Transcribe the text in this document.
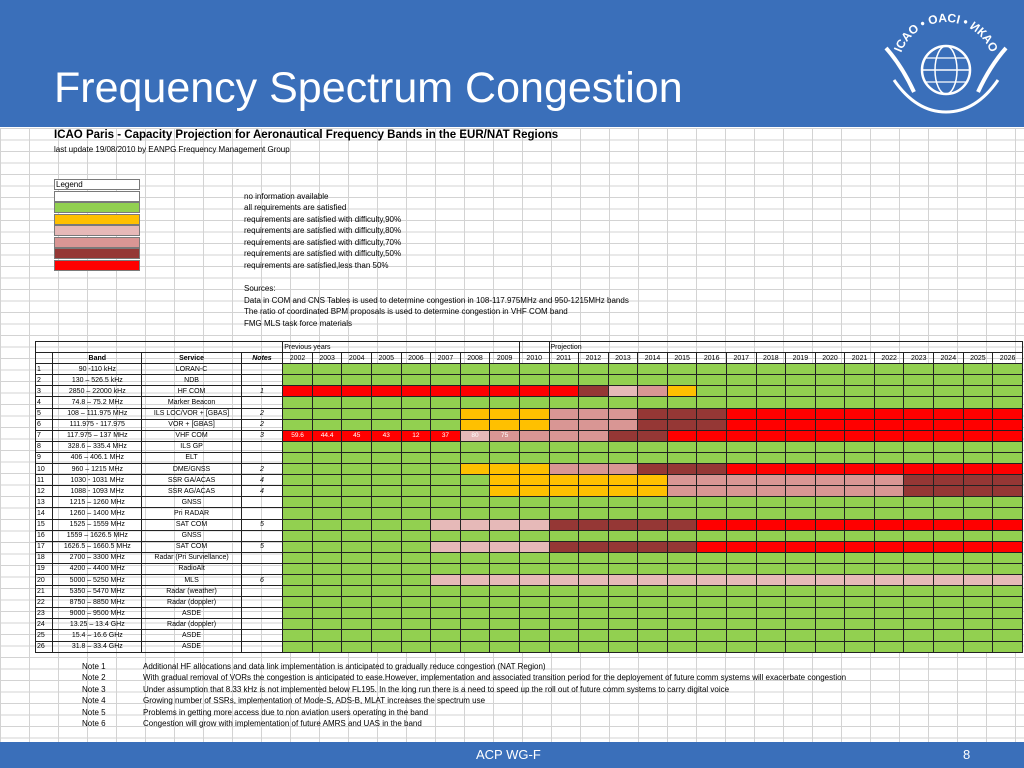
Frequency Spectrum Congestion
ICAO • OACI • ИКАО
ICAO Paris - Capacity Projection for Aeronautical Frequency Bands in the EUR/NAT Regions
last update 19/08/2010 by EANPG Frequency Management Group
Legend
no information available
all requirements are satisfied
requirements are satisfied with difficulty,90%
requirements are satisfied with difficulty,80%
requirements are satisfied with difficulty,70%
requirements are satisfied with difficulty,50%
requirements are satisfied,less than 50%
Sources:
Data in COM and CNS Tables is used to determine congestion in 108-117.975MHz and 950-1215MHz bands
The ratio of coordinated BPM proposals is used to determine congestion in VHF COM band
FMG MLS task force materials
				Previous years									Projection															
	Band	Service	Notes	2002	2003	2004	2005	2006	2007	2008	2009	2010	2011	2012	2013	2014	2015	2016	2017	2018	2019	2020	2021	2022	2023	2024	2025	2026
1	90 -110 kHz	LORAN-C																										
2	130 – 526.5 kHz	NDB																										
3	2850 – 22000 kHz	HF COM	1																									
4	74.8 – 75.2 MHz	Marker Beacon																										
5	108 – 111.975 MHz	ILS LOC/VOR + [GBAS]	2																									
6	111.975 - 117.975	VOR + [GBAS]	2																									
7	117.975 – 137 MHz	VHF COM	3	59.6	44.4	45	43	12	37	80	75																	
8	328.6 – 335.4 MHz	ILS GP																										
9	406 – 406.1 MHz	ELT																										
10	960 – 1215 MHz	DME/GNSS	2																									
11	1030 - 1031 MHz	SSR GA/ACAS	4																									
12	1088 - 1093 MHz	SSR AG/ACAS	4																									
13	1215 – 1260 MHz	GNSS																										
14	1260 – 1400 MHz	Pri RADAR																										
15	1525 – 1559 MHz	SAT COM	5																									
16	1559 – 1626.5 MHz	GNSS																										
17	1626.5 – 1660.5 MHz	SAT COM	5																									
18	2700 – 3300 MHz	Radar (Pri Surviellance)																										
19	4200 – 4400 MHz	RadioAlt																										
20	5000 – 5250 MHz	MLS	6																									
21	5350 – 5470 MHz	Radar (weather)																										
22	8750 – 8850 MHz	Radar (doppler)																										
23	9000 – 9500 MHz	ASDE																										
24	13.25 – 13.4 GHz	Radar (doppler)																										
25	15.4 – 16.6 GHz	ASDE																										
26	31.8 – 33.4 GHz	ASDE																										
Note 1	Additional HF allocations and data link implementation is anticipated to gradually reduce congestion (NAT Region)
Note 2	With gradual removal of VORs the congestion is anticipated to ease.However, implementation and associated transition period for the deployement of future comm systems will exacerbate congestion
Note 3	Under assumption that 8.33 kHz is not implemented below FL195. In the long run there is a need to speed up the roll out of future comm systems to carry digital voice
Note 4	Growing number of SSRs, implementation of Mode-S, ADS-B, MLAT increases the spectrum use
Note 5	Problems in getting more access due to non aviation users operating in the band
Note 6	Congestion will grow with implementation of future AMRS and UAS in the band
ACP WG-F	8
